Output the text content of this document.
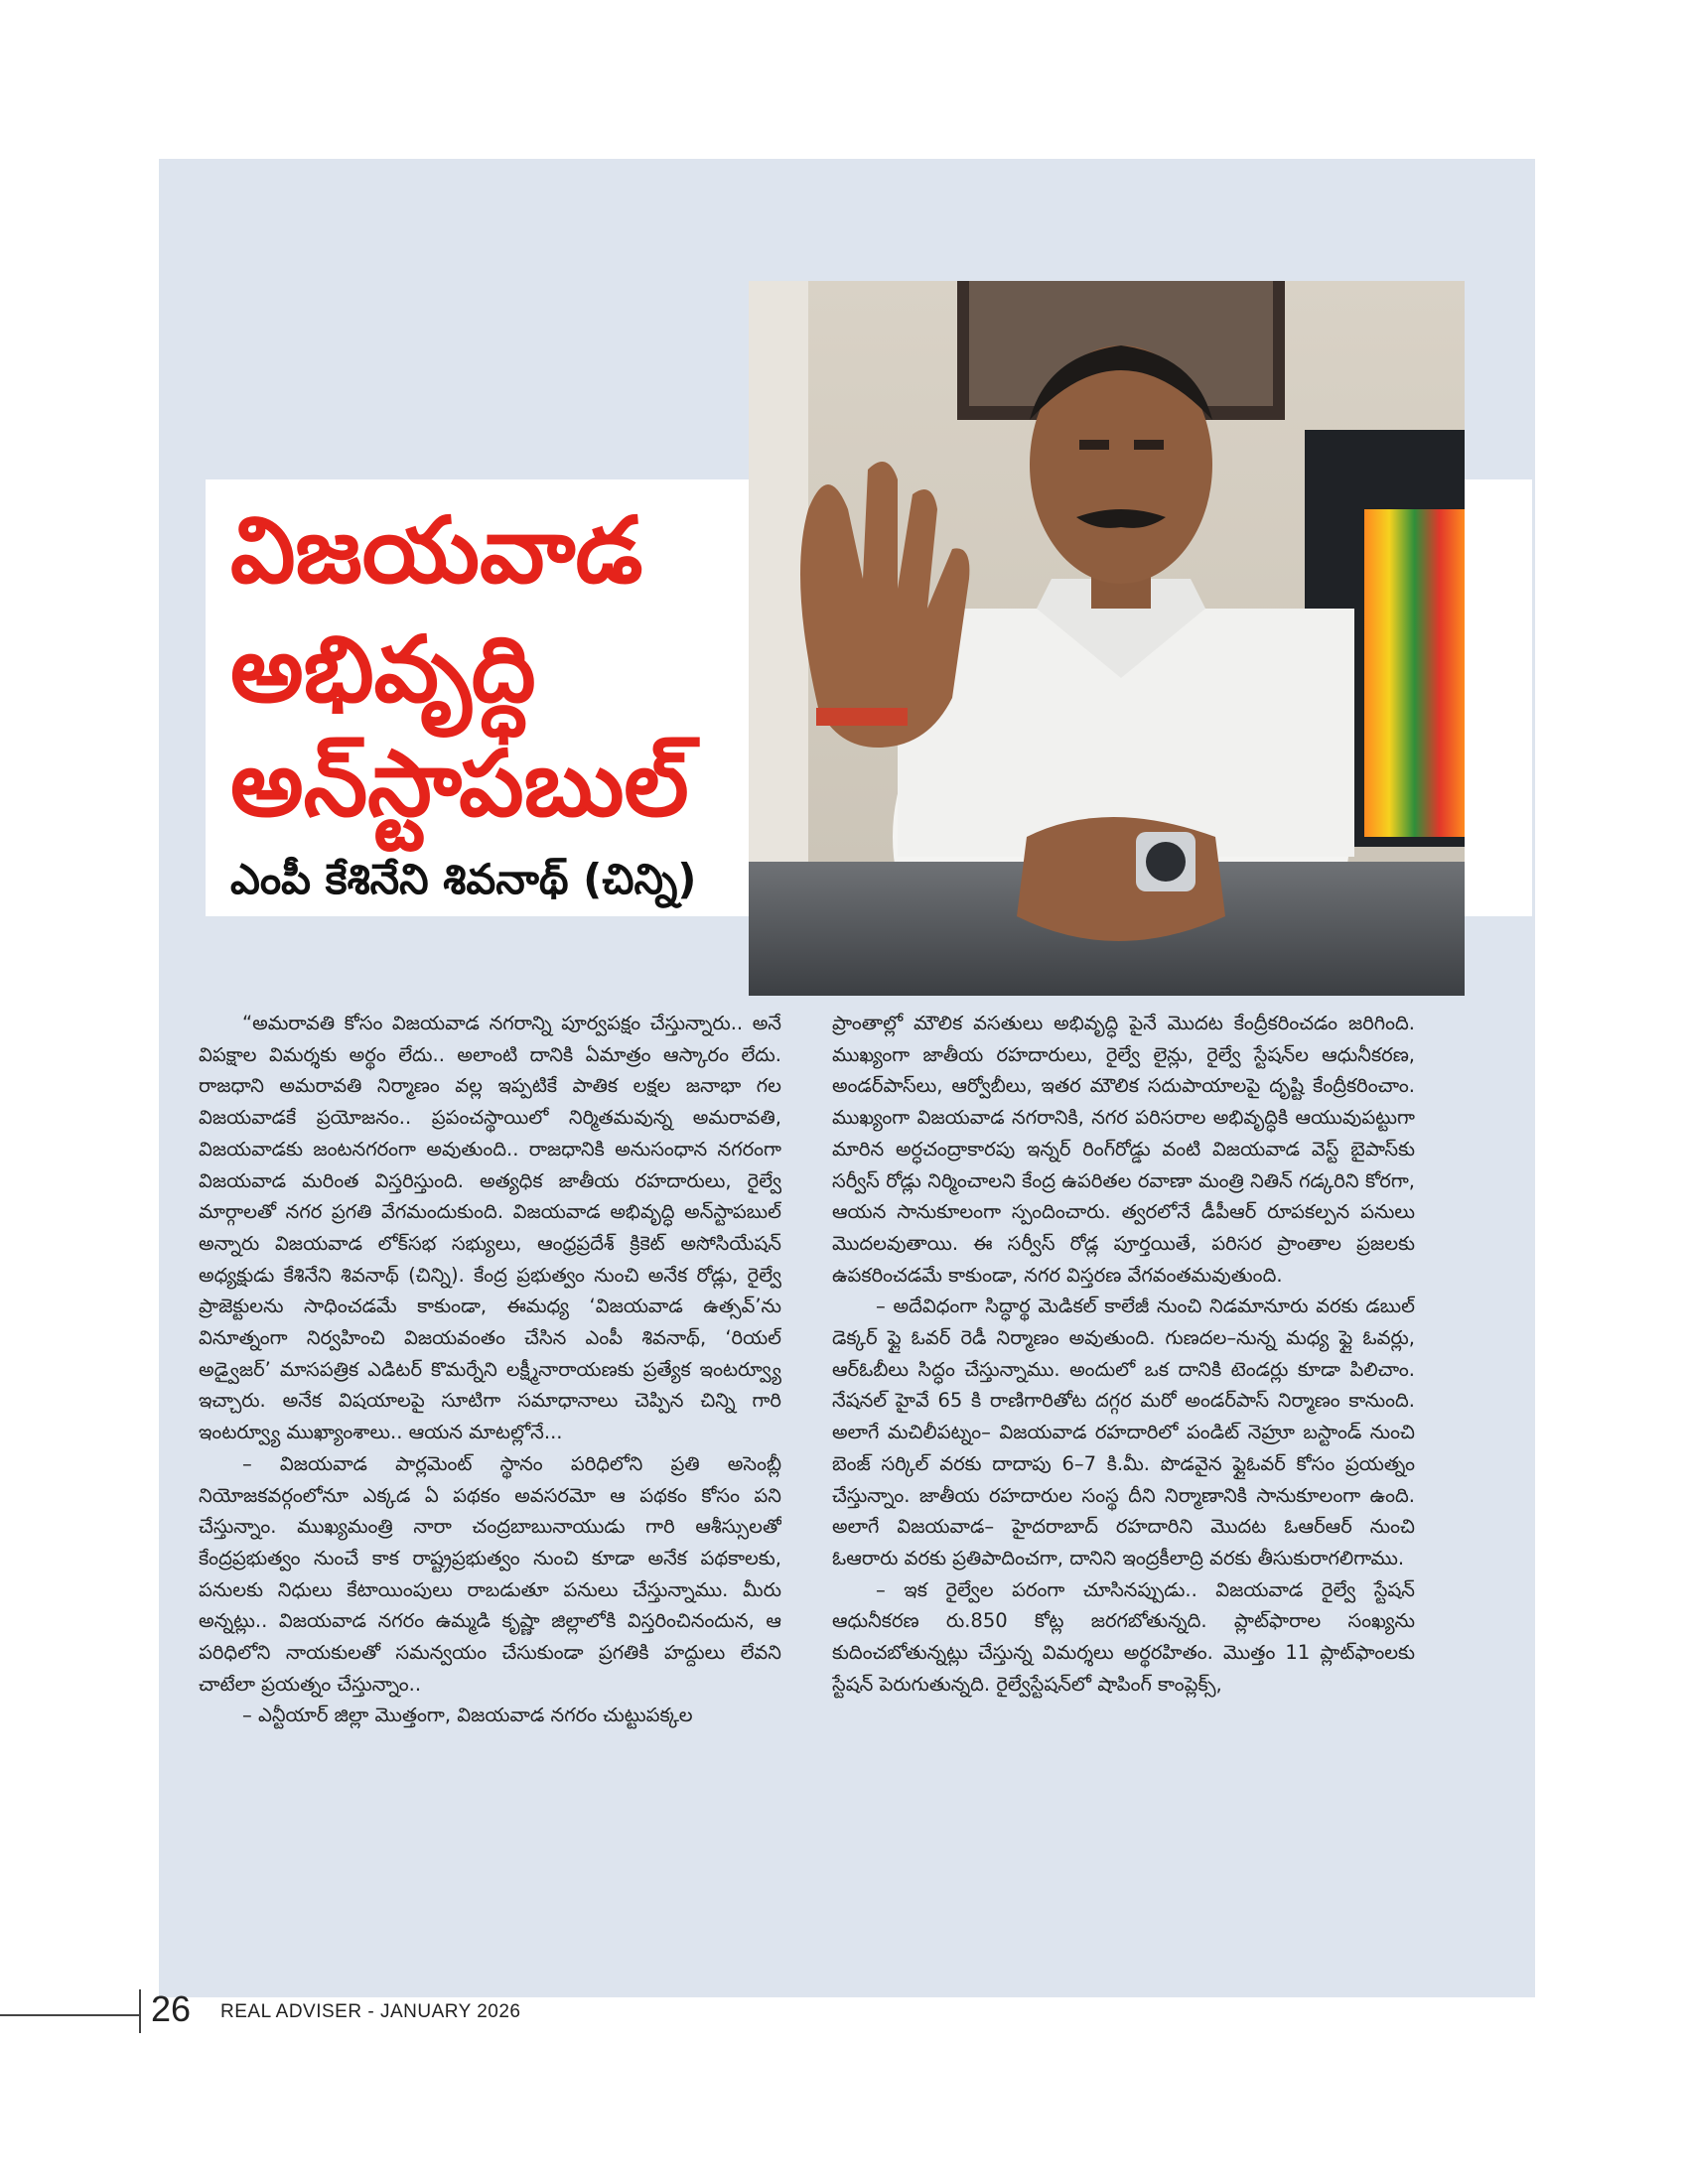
విజయవాడ
అభివృద్ధి
అన్‌స్టాపబుల్

ఎంపీ కేశినేని శివనాథ్ (చిన్ని)

“అమరావతి కోసం విజయవాడ నగరాన్ని పూర్వపక్షం చేస్తున్నారు.. అనే విపక్షాల విమర్శకు అర్థం లేదు.. అలాంటి దానికి ఏమాత్రం ఆస్కారం లేదు. రాజధాని అమరావతి నిర్మాణం వల్ల ఇప్పటికే పాతిక లక్షల జనాభా గల విజయవాడకే ప్రయోజనం.. ప్రపంచస్థాయిలో నిర్మితమవున్న అమరావతి, విజయవాడకు జంటనగరంగా అవుతుంది.. రాజధానికి అనుసంధాన నగరంగా విజయవాడ మరింత విస్తరిస్తుంది. అత్యధిక జాతీయ రహదారులు, రైల్వే మార్గాలతో నగర ప్రగతి వేగమందుకుంది. విజయవాడ అభివృద్ధి అన్‌స్టాపబుల్ అన్నారు విజయవాడ లోక్‌సభ సభ్యులు, ఆంధ్రప్రదేశ్ క్రికెట్ అసోసియేషన్ అధ్యక్షుడు కేశినేని శివనాథ్ (చిన్ని). కేంద్ర ప్రభుత్వం నుంచి అనేక రోడ్లు, రైల్వే ప్రాజెక్టులను సాధించడమే కాకుండా, ఈమధ్య ‘విజయవాడ ఉత్సవ్’ను వినూత్నంగా నిర్వహించి విజయవంతం చేసిన ఎంపీ శివనాథ్, ‘రియల్ అడ్వైజర్’ మాసపత్రిక ఎడిటర్ కొమర్నేని లక్ష్మీనారాయణకు ప్రత్యేక ఇంటర్వ్యూ ఇచ్చారు. అనేక విషయాలపై సూటిగా సమాధానాలు చెప్పిన చిన్ని గారి ఇంటర్వ్యూ ముఖ్యాంశాలు.. ఆయన మాటల్లోనే...

– విజయవాడ పార్లమెంట్ స్థానం పరిధిలోని ప్రతి అసెంబ్లీ నియోజకవర్గంలోనూ ఎక్కడ ఏ పథకం అవసరమో ఆ పథకం కోసం పని చేస్తున్నాం. ముఖ్యమంత్రి నారా చంద్రబాబునాయుడు గారి ఆశీస్సులతో కేంద్రప్రభుత్వం నుంచే కాక రాష్ట్రప్రభుత్వం నుంచి కూడా అనేక పథకాలకు, పనులకు నిధులు కేటాయింపులు రాబడుతూ పనులు చేస్తున్నాము. మీరు అన్నట్లు.. విజయవాడ నగరం ఉమ్మడి కృష్ణా జిల్లాలోకి విస్తరించినందున, ఆ పరిధిలోని నాయకులతో సమన్వయం చేసుకుండా ప్రగతికి హద్దులు లేవని చాటేలా ప్రయత్నం చేస్తున్నాం..

– ఎన్టీయార్ జిల్లా మొత్తంగా, విజయవాడ నగరం చుట్టుపక్కల

ప్రాంతాల్లో మౌలిక వసతులు అభివృద్ధి పైనే మొదట కేంద్రీకరించడం జరిగింది. ముఖ్యంగా జాతీయ రహదారులు, రైల్వే లైన్లు, రైల్వే స్టేషన్‌ల ఆధునీకరణ, అండర్‌పాస్‌లు, ఆర్వోబీలు, ఇతర మౌలిక సదుపాయాలపై దృష్టి కేంద్రీకరించాం. ముఖ్యంగా విజయవాడ నగరానికి, నగర పరిసరాల అభివృద్ధికి ఆయువుపట్టుగా మారిన అర్ధచంద్రాకారపు ఇన్నర్ రింగ్‌రోడ్డు వంటి విజయవాడ వెస్ట్ బైపాస్‌కు సర్వీస్ రోడ్లు నిర్మించాలని కేంద్ర ఉపరితల రవాణా మంత్రి నితిన్ గడ్కరిని కోరగా, ఆయన సానుకూలంగా స్పందించారు. త్వరలోనే డీపీఆర్ రూపకల్పన పనులు మొదలవుతాయి. ఈ సర్వీస్ రోడ్ల పూర్తయితే, పరిసర ప్రాంతాల ప్రజలకు ఉపకరించడమే కాకుండా, నగర విస్తరణ వేగవంతమవుతుంది.

– అదేవిధంగా సిద్ధార్థ మెడికల్ కాలేజీ నుంచి నిడమానూరు వరకు డబుల్ డెక్కర్ ఫ్లై ఓవర్ రెడీ నిర్మాణం అవుతుంది. గుణదల–నున్న మధ్య ఫ్లై ఓవర్లు, ఆర్‌ఓబీలు సిద్ధం చేస్తున్నాము. అందులో ఒక దానికి టెండర్లు కూడా పిలిచాం. నేషనల్ హైవే 65 కి రాణిగారితోట దగ్గర మరో అండర్‌పాస్ నిర్మాణం కానుంది. అలాగే మచిలీపట్నం– విజయవాడ రహదారిలో పండిట్ నెహ్రూ బస్టాండ్ నుంచి బెంజ్ సర్కిల్ వరకు దాదాపు 6–7 కి.మీ. పొడవైన ఫ్లైఓవర్ కోసం ప్రయత్నం చేస్తున్నాం. జాతీయ రహదారుల సంస్థ దీని నిర్మాణానికి సానుకూలంగా ఉంది. అలాగే విజయవాడ– హైదరాబాద్ రహదారిని మొదట ఓఆర్‌ఆర్ నుంచి ఓఆరారు వరకు ప్రతిపాదించగా, దానిని ఇంద్రకీలాద్రి వరకు తీసుకురాగలిగాము.

– ఇక రైల్వేల పరంగా చూసినప్పుడు.. విజయవాడ రైల్వే స్టేషన్ ఆధునీకరణ రు.850 కోట్ల జరగబోతున్నది. ప్లాట్‌ఫారాల సంఖ్యను కుదించబోతున్నట్లు చేస్తున్న విమర్శలు అర్థరహితం. మొత్తం 11 ప్లాట్‌ఫాంలకు స్టేషన్ పెరుగుతున్నది. రైల్వేస్టేషన్‌లో షాపింగ్ కాంప్లెక్స్,

26 REAL ADVISER - JANUARY 2026
